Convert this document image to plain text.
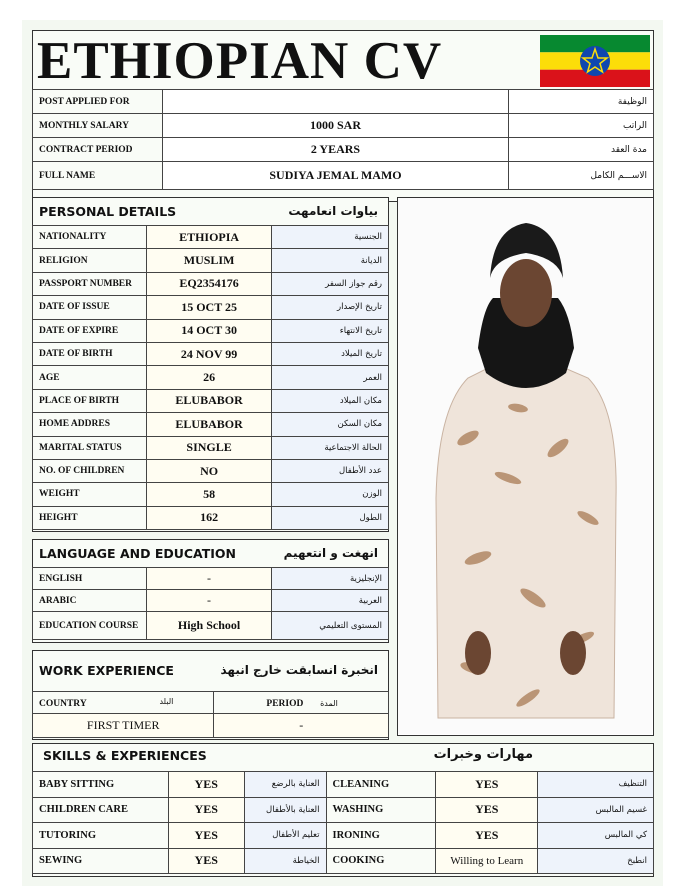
ETHIOPIAN CV
POST APPLIED FOR		الوظيفة
MONTHLY SALARY	1000 SAR	الراتب
CONTRACT PERIOD	2 YEARS	مدة العقد
FULL NAME	SUDIYA JEMAL MAMO	الاســـم الكامل
PERSONAL DETAILS	بياوات انعامهت
NATIONALITY	ETHIOPIA	الجنسية
RELIGION	MUSLIM	الديانة
PASSPORT NUMBER	EQ2354176	رقم جواز السفر
DATE OF ISSUE	15 OCT 25	تاريخ الإصدار
DATE OF EXPIRE	14 OCT 30	تاريخ الانتهاء
DATE OF BIRTH	24 NOV 99	تاريخ الميلاد
AGE	26	العمر
PLACE OF BIRTH	ELUBABOR	مكان الميلاد
HOME ADDRES	ELUBABOR	مكان السكن
MARITAL STATUS	SINGLE	الحالة الاجتماعية
NO. OF CHILDREN	NO	عدد الأطفال
WEIGHT	58	الوزن
HEIGHT	162	الطول
LANGUAGE AND EDUCATION	انهغت و انتعهيم
ENGLISH	-	الإنجليزية
ARABIC	-	العربية
EDUCATION COURSE	High School	المستوى التعليمي
WORK EXPERIENCE	انخبرة انسابقت خارج انبهذ
COUNTRY البلد	PERIOD المدة
FIRST TIMER	-
SKILLS & EXPERIENCES	مهارات وخبرات
BABY SITTING	YES	العناية بالرضع	CLEANING	YES	التنظيف
CHILDREN CARE	YES	العناية بالأطفال	WASHING	YES	غسيم المالبس
TUTORING	YES	تعليم الأطفال	IRONING	YES	كي المالبس
SEWING	YES	الخياطة	COOKING	Willing to Learn	انطبخ
